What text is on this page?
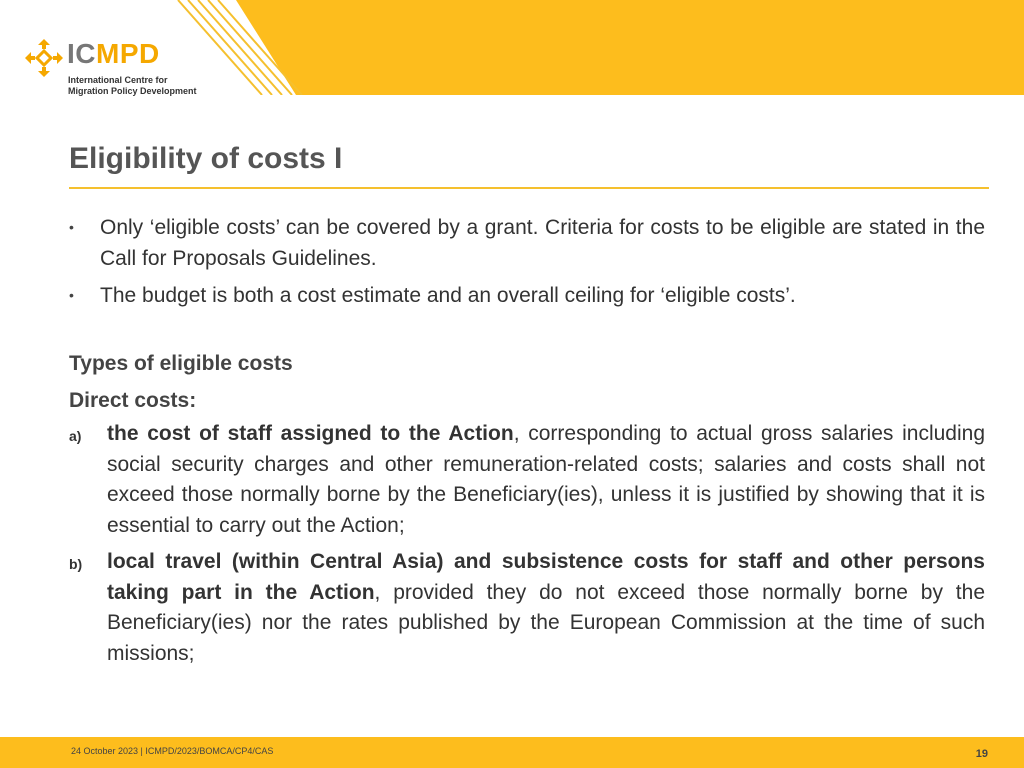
ICMPD
International Centre for
Migration Policy Development
Eligibility of costs I
• Only ‘eligible costs’ can be covered by a grant. Criteria for costs to be eligible are stated in the Call for Proposals Guidelines.
• The budget is both a cost estimate and an overall ceiling for ‘eligible costs’.
Types of eligible costs
Direct costs:
a) the cost of staff assigned to the Action, corresponding to actual gross salaries including social security charges and other remuneration-related costs; salaries and costs shall not exceed those normally borne by the Beneficiary(ies), unless it is justified by showing that it is essential to carry out the Action;
b) local travel (within Central Asia) and subsistence costs for staff and other persons taking part in the Action, provided they do not exceed those normally borne by the Beneficiary(ies) nor the rates published by the European Commission at the time of such missions;
24 October 2023 | ICMPD/2023/BOMCA/CP4/CAS	19
